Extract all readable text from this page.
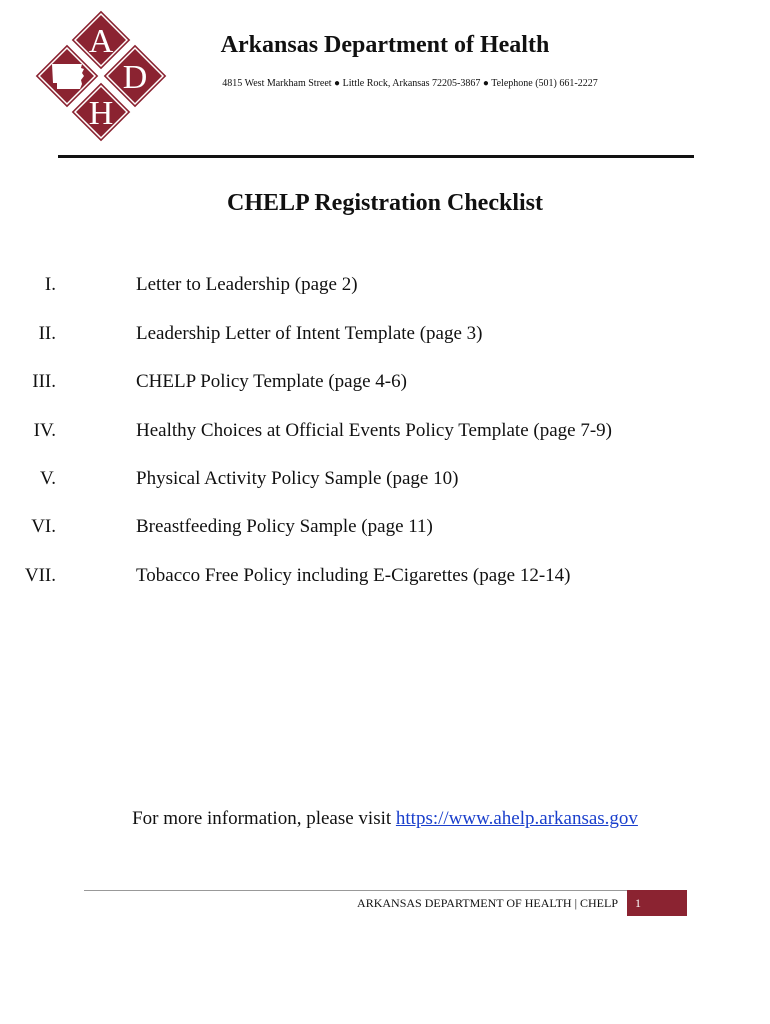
A
D
H
Arkansas Department of Health
4815 West Markham Street ● Little Rock, Arkansas 72205-3867 ● Telephone (501) 661-2227
CHELP Registration Checklist
I.	Letter to Leadership (page 2)
II.	Leadership Letter of Intent Template (page 3)
III.	CHELP Policy Template (page 4-6)
IV.	Healthy Choices at Official Events Policy Template (page 7-9)
V.	Physical Activity Policy Sample (page 10)
VI.	Breastfeeding Policy Sample (page 11)
VII.	Tobacco Free Policy including E-Cigarettes (page 12-14)
For more information, please visit https://www.ahelp.arkansas.gov
ARKANSAS DEPARTMENT OF HEALTH | CHELP 1
